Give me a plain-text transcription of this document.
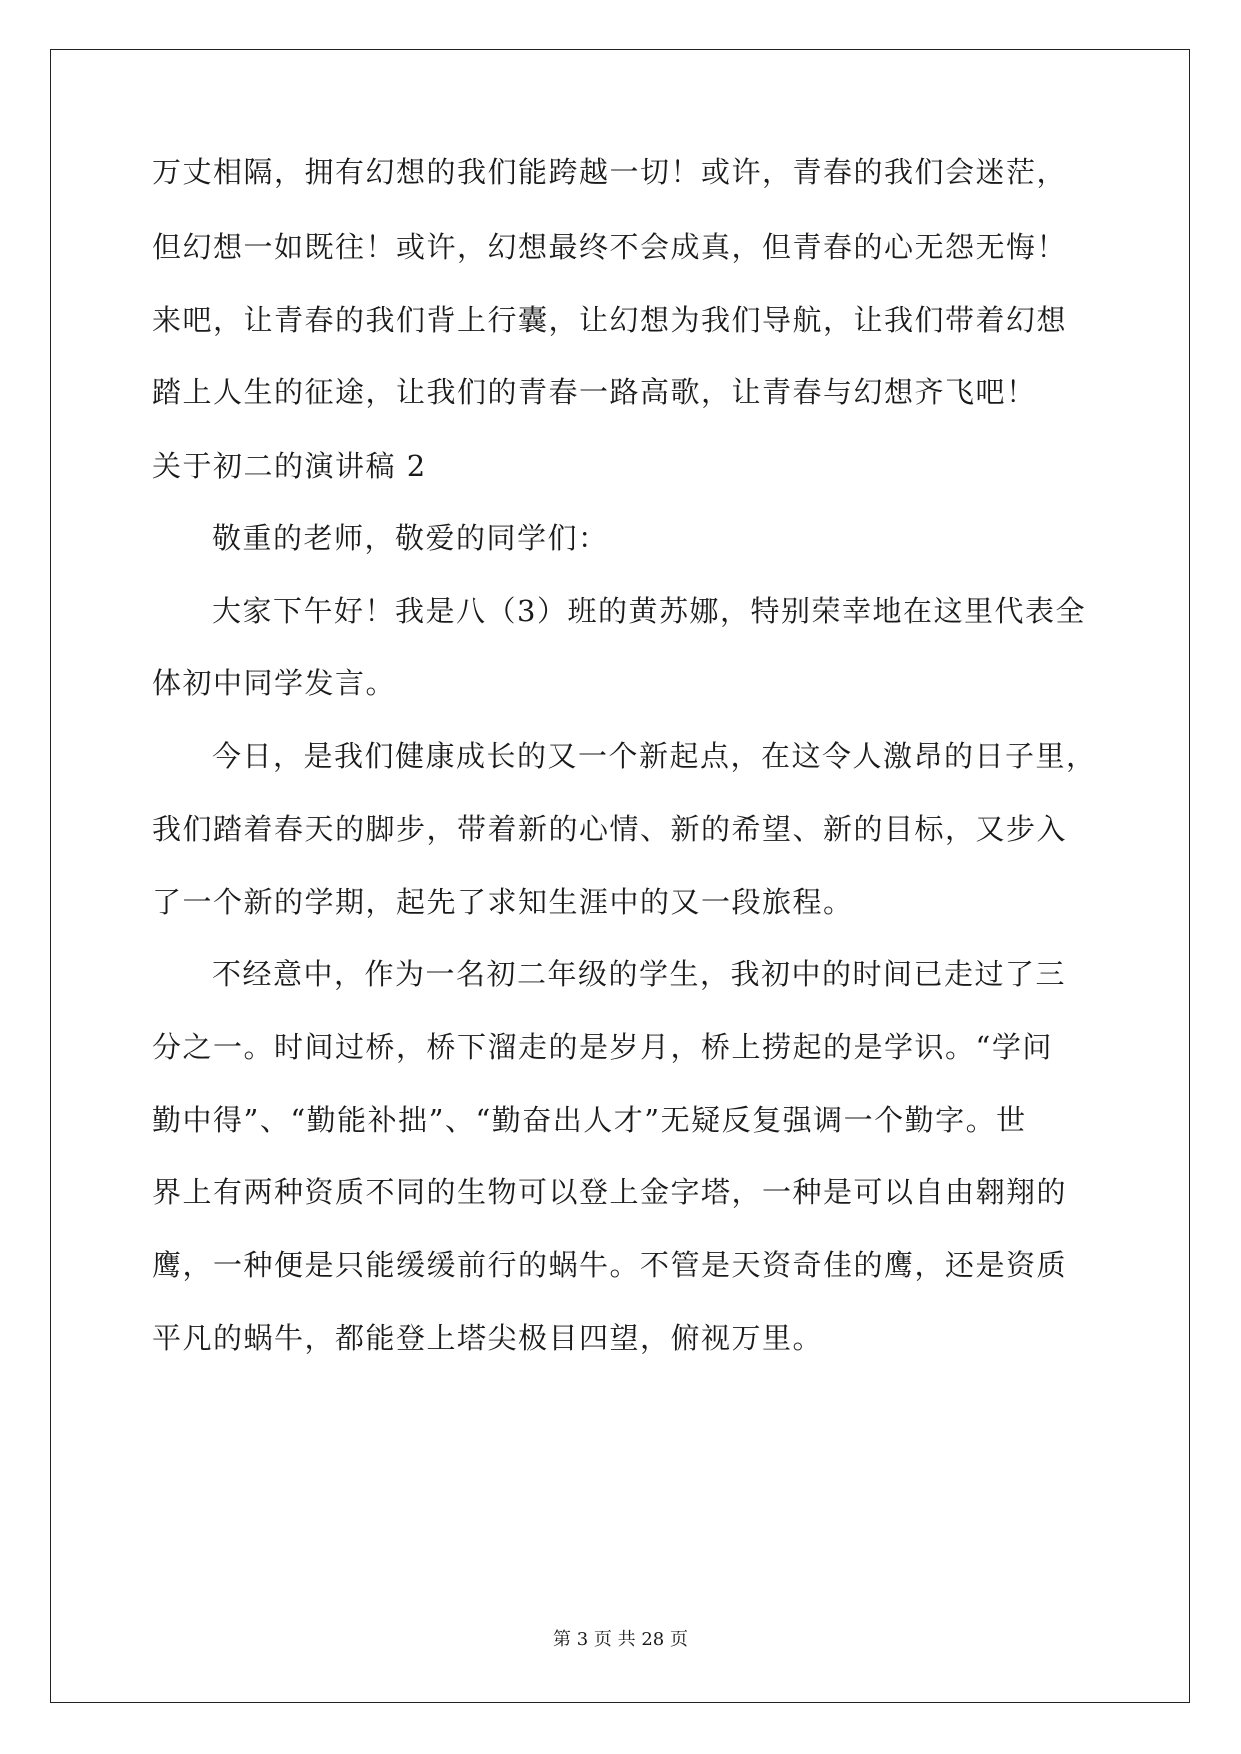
万丈相隔，拥有幻想的我们能跨越一切！或许，青春的我们会迷茫，
但幻想一如既往！或许，幻想最终不会成真，但青春的心无怨无悔！
来吧，让青春的我们背上行囊，让幻想为我们导航，让我们带着幻想
踏上人生的征途，让我们的青春一路高歌，让青春与幻想齐飞吧！
关于初二的演讲稿 2
敬重的老师，敬爱的同学们：
大家下午好！我是八（3）班的黄苏娜，特别荣幸地在这里代表全
体初中同学发言。
今日，是我们健康成长的又一个新起点，在这令人激昂的日子里，
我们踏着春天的脚步，带着新的心情、新的希望、新的目标，又步入
了一个新的学期，起先了求知生涯中的又一段旅程。
不经意中，作为一名初二年级的学生，我初中的时间已走过了三
分之一。时间过桥，桥下溜走的是岁月，桥上捞起的是学识。“学问
勤中得”、“勤能补拙”、“勤奋出人才”无疑反复强调一个勤字。世
界上有两种资质不同的生物可以登上金字塔，一种是可以自由翱翔的
鹰，一种便是只能缓缓前行的蜗牛。不管是天资奇佳的鹰，还是资质
平凡的蜗牛，都能登上塔尖极目四望，俯视万里。
第 3 页 共 28 页
